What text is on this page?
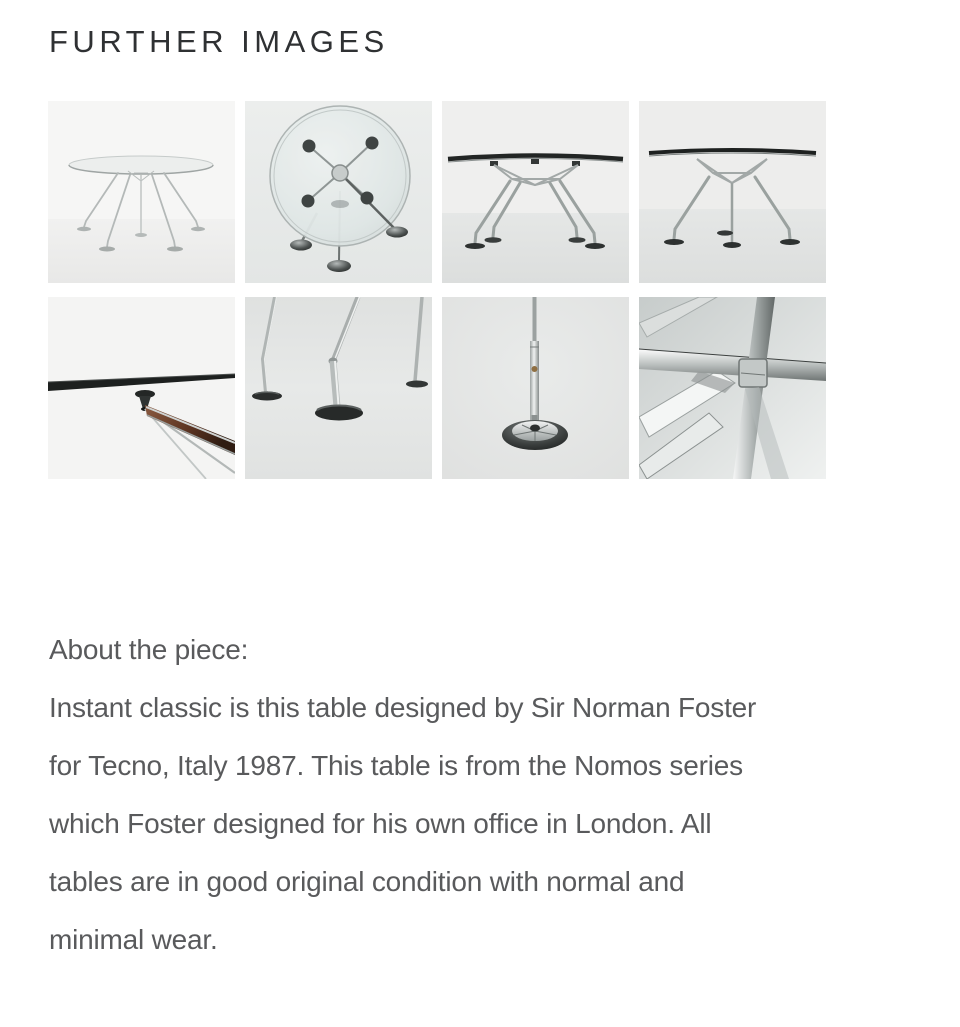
FURTHER IMAGES

About the piece:

Instant classic is this table designed by Sir Norman Foster

for Tecno, Italy 1987. This table is from the Nomos series

which Foster designed for his own office in London. All

tables are in good original condition with normal and

minimal wear.
